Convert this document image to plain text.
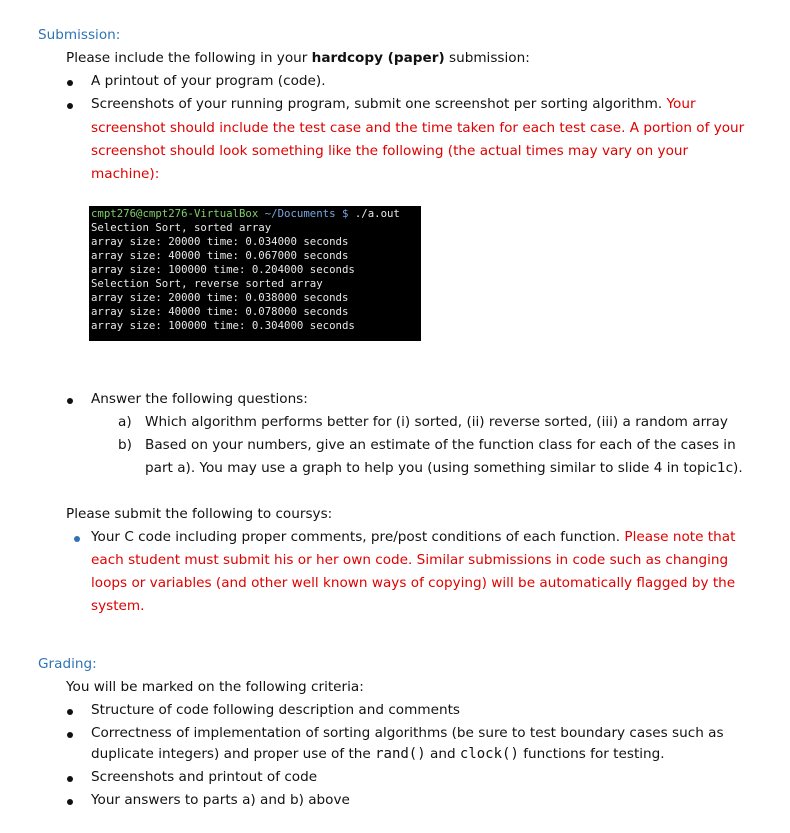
Submission:
Please include the following in your hardcopy (paper) submission:
A printout of your program (code).
Screenshots of your running program, submit one screenshot per sorting algorithm. Your
screenshot should include the test case and the time taken for each test case. A portion of your
screenshot should look something like the following (the actual times may vary on your
machine):
cmpt276@cmpt276-VirtualBox ~/Documents $ ./a.out
Selection Sort, sorted array
array size: 20000 time: 0.034000 seconds
array size: 40000 time: 0.067000 seconds
array size: 100000 time: 0.204000 seconds
Selection Sort, reverse sorted array
array size: 20000 time: 0.038000 seconds
array size: 40000 time: 0.078000 seconds
array size: 100000 time: 0.304000 seconds
Answer the following questions:
a) Which algorithm performs better for (i) sorted, (ii) reverse sorted, (iii) a random array
b) Based on your numbers, give an estimate of the function class for each of the cases in
part a). You may use a graph to help you (using something similar to slide 4 in topic1c).
Please submit the following to coursys:
Your C code including proper comments, pre/post conditions of each function. Please note that
each student must submit his or her own code. Similar submissions in code such as changing
loops or variables (and other well known ways of copying) will be automatically flagged by the
system.
Grading:
You will be marked on the following criteria:
Structure of code following description and comments
Correctness of implementation of sorting algorithms (be sure to test boundary cases such as
duplicate integers) and proper use of the rand() and clock() functions for testing.
Screenshots and printout of code
Your answers to parts a) and b) above
